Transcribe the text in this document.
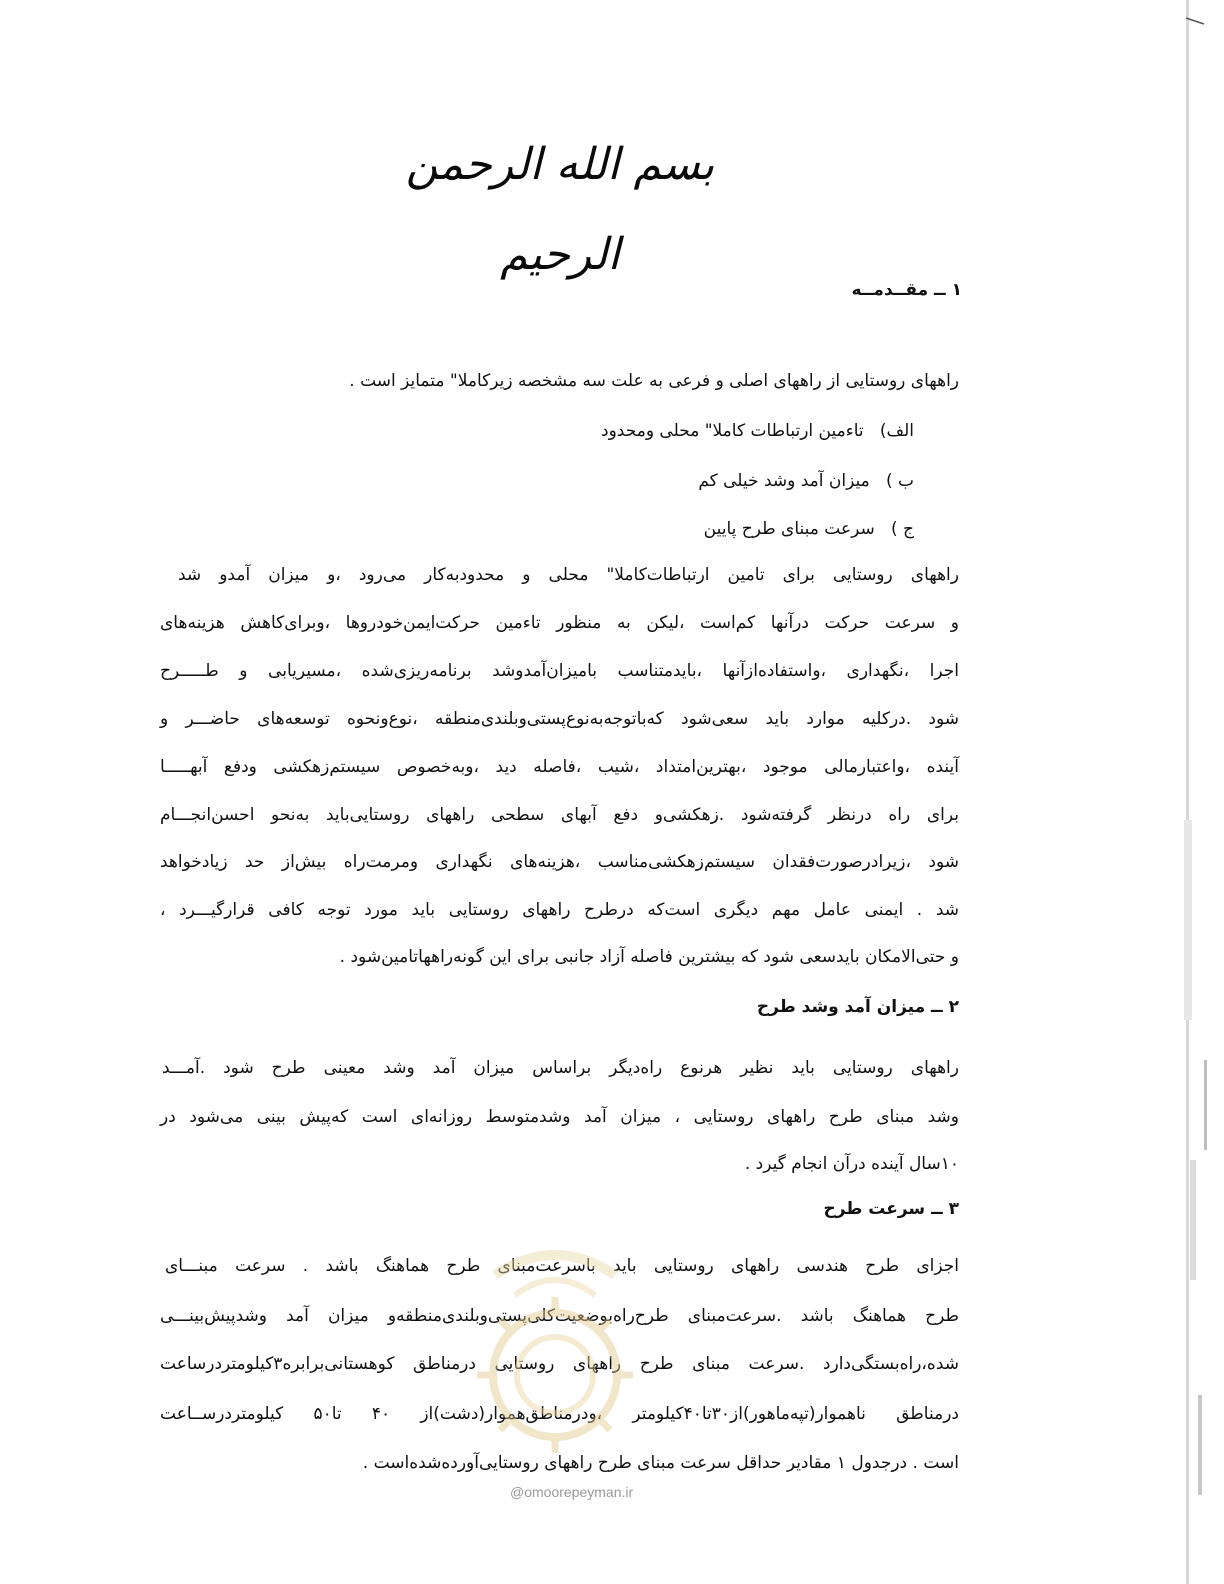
بسم الله الرحمن الرحیم
۱ ــ مقــدمــه
راههای روستایی از راههای اصلی و فرعی به علت سه مشخصه زیرکاملا" متمایز است .
الف)   تاءمین ارتباطات کاملا" محلی ومحدود
ب )   میزان آمد وشد خیلی کم
ج )   سرعت مبنای طرح پایین
راههای روستایی برای تامین ارتباطات‌کاملا" محلی و محدودبه‌کار می‌رود ،و میزان آمدو شد
و سرعت حرکت درآنها کم‌است ،لیکن به منظور تاءمین حرکت‌ایمن‌خودروها ،وبرای‌کاهش هزینه‌های
اجرا ،نگهداری ،واستفاده‌ازآنها ،بایدمتناسب بامیزان‌آمدوشد برنامه‌ریزی‌شده ،مسیریابی و طـــــرح
شود .درکلیه موارد باید سعی‌شود که‌باتوجه‌به‌نوع‌پستی‌وبلندی‌منطقه ،نوع‌ونحوه توسعه‌های حاضـــر و
آینده ،واعتبارمالی موجود ،بهترین‌امتداد ،شیب ،فاصله دید ،وبه‌خصوص سیستم‌زهکشی ودفع آبهـــــا
برای راه درنظر گرفته‌شود .زهکشی‌و دفع آبهای سطحی راههای روستایی‌باید به‌نحو احسن‌انجـــام
شود ،زیرادرصورت‌فقدان سیستم‌زهکشی‌مناسب ،هزینه‌های نگهداری ومرمت‌راه بیش‌از حد زیادخواهد
شد . ایمنی عامل مهم دیگری است‌که درطرح راههای روستایی باید مورد توجه کافی قرارگیـــرد ،
و حتی‌الامکان بایدسعی شود که بیشترین فاصله آزاد جانبی برای این گونه‌راههاتامین‌شود .
۲ ــ میزان آمد وشد طرح
راههای روستایی باید نظیر هرنوع راه‌دیگر براساس میزان آمد وشد معینی طرح شود .آمـــد
وشد مبنای طرح راههای روستایی ، میزان آمد وشدمتوسط روزانه‌ای است که‌پیش بینی می‌شود در
۱۰سال آینده درآن انجام گیرد .
۳ ــ سرعت طرح
اجزای طرح هندسی راههای روستایی باید باسرعت‌مبنای طرح هماهنگ باشد . سرعت مبنـــای
طرح هماهنگ باشد .سرعت‌مبنای طرح‌راه‌بوضعیت‌کلی‌پستی‌وبلندی‌منطقه‌و میزان آمد وشدپیش‌بینـــی
شده‌،راه‌بستگی‌دارد .سرعت مبنای طرح راههای روستایی درمناطق کوهستانی‌برابره۳کیلومتردرساعت
درمناطق ناهموار(تپه‌ماهور)از۳۰تا۴۰کیلومتر ،ودرمناطق‌هموار(دشت)از ۴۰ تا۵۰ کیلومتردرســاعت
است . درجدول ۱ مقادیر حداقل سرعت مبنای طرح راههای روستایی‌آورده‌شده‌است .
@omoorepeyman.ir
